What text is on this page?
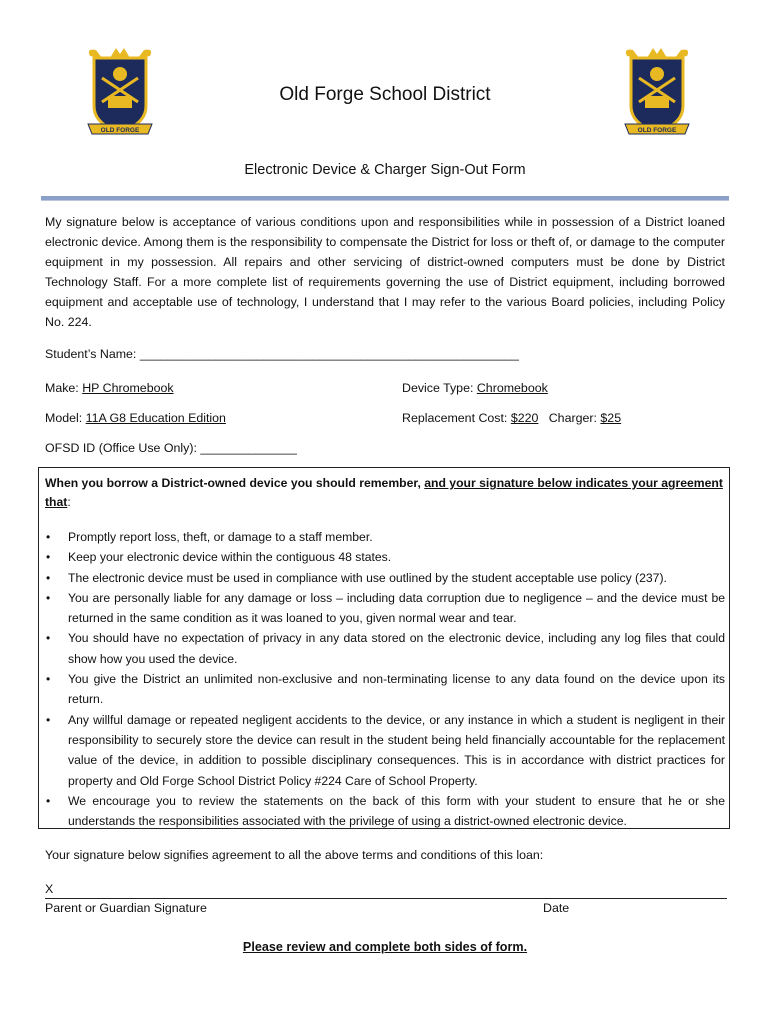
OLD FORGE	OLD FORGE
Old Forge School District
Electronic Device & Charger Sign-Out Form
My signature below is acceptance of various conditions upon and responsibilities while in possession of a District loaned electronic device. Among them is the responsibility to compensate the District for loss or theft of, or damage to the computer equipment in my possession. All repairs and other servicing of district-owned computers must be done by District Technology Staff. For a more complete list of requirements governing the use of District equipment, including borrowed equipment and acceptable use of technology, I understand that I may refer to the various Board policies, including Policy No. 224.
Student’s Name: _______________________________________________________
Make: HP Chromebook	Device Type: Chromebook
Model: 11A G8 Education Edition	Replacement Cost: $220 Charger: $25
OFSD ID (Office Use Only): ______________
When you borrow a District-owned device you should remember, and your signature below indicates your agreement that:
• Promptly report loss, theft, or damage to a staff member.
• Keep your electronic device within the contiguous 48 states.
• The electronic device must be used in compliance with use outlined by the student acceptable use policy (237).
• You are personally liable for any damage or loss – including data corruption due to negligence – and the device must be returned in the same condition as it was loaned to you, given normal wear and tear.
• You should have no expectation of privacy in any data stored on the electronic device, including any log files that could show how you used the device.
• You give the District an unlimited non-exclusive and non-terminating license to any data found on the device upon its return.
• Any willful damage or repeated negligent accidents to the device, or any instance in which a student is negligent in their responsibility to securely store the device can result in the student being held financially accountable for the replacement value of the device, in addition to possible disciplinary consequences. This is in accordance with district practices for property and Old Forge School District Policy #224 Care of School Property.
• We encourage you to review the statements on the back of this form with your student to ensure that he or she understands the responsibilities associated with the privilege of using a district-owned electronic device.
Your signature below signifies agreement to all the above terms and conditions of this loan:
X
Parent or Guardian Signature	Date
Please review and complete both sides of form.
